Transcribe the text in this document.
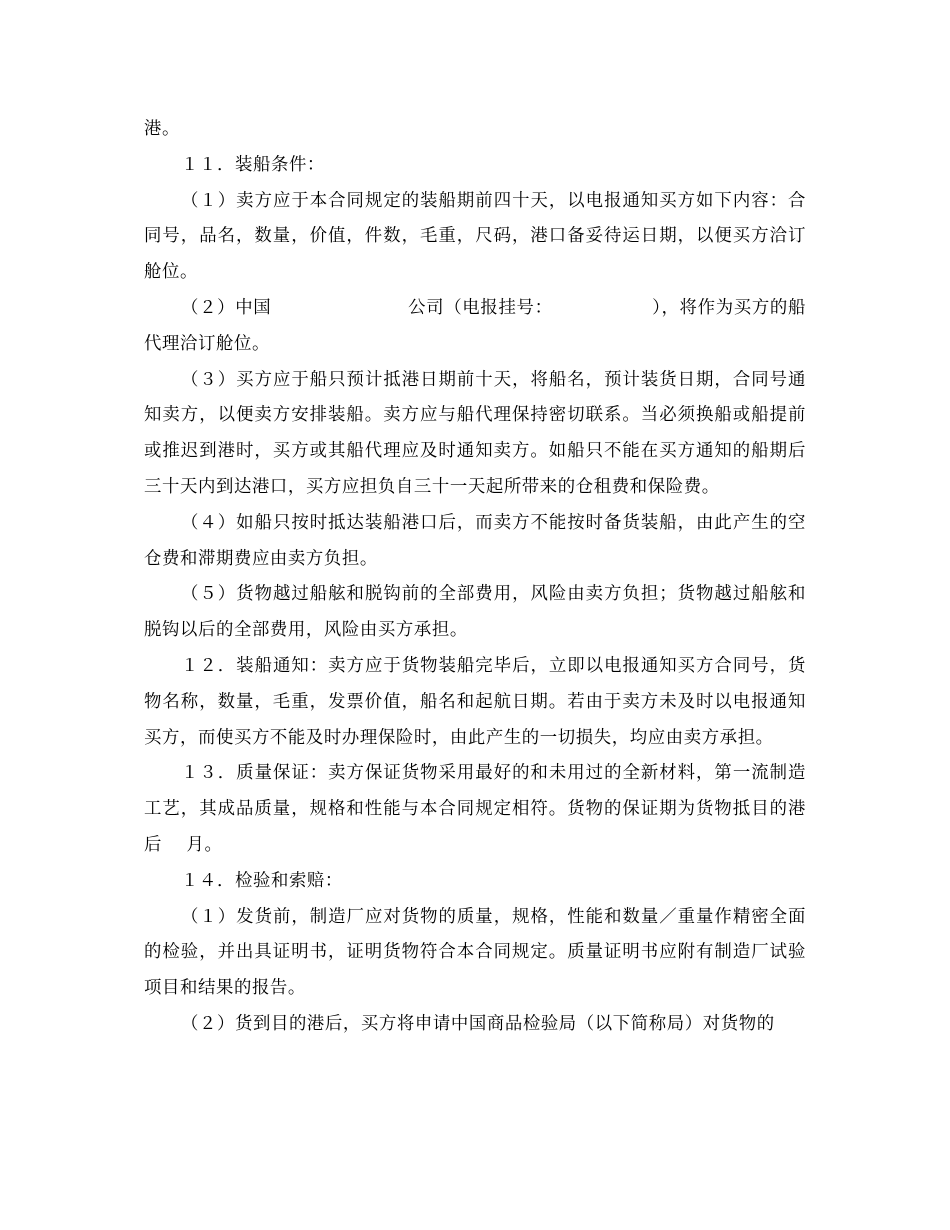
港。

１１．装船条件：

（１）卖方应于本合同规定的装船期前四十天，以电报通知买方如下内容：合同号，品名，数量，价值，件数，毛重，尺码，港口备妥待运日期，以便买方洽订舱位。

（２）中国                      公司（电报挂号：                ），将作为买方的船代理洽订舱位。

（３）买方应于船只预计抵港日期前十天，将船名，预计装货日期，合同号通知卖方，以便卖方安排装船。卖方应与船代理保持密切联系。当必须换船或船提前或推迟到港时，买方或其船代理应及时通知卖方。如船只不能在买方通知的船期后三十天内到达港口，买方应担负自三十一天起所带来的仓租费和保险费。

（４）如船只按时抵达装船港口后，而卖方不能按时备货装船，由此产生的空仓费和滞期费应由卖方负担。

（５）货物越过船舷和脱钩前的全部费用，风险由卖方负担；货物越过船舷和脱钩以后的全部费用，风险由买方承担。

１２．装船通知：卖方应于货物装船完毕后，立即以电报通知买方合同号，货物名称，数量，毛重，发票价值，船名和起航日期。若由于卖方未及时以电报通知买方，而使买方不能及时办理保险时，由此产生的一切损失，均应由卖方承担。

１３．质量保证：卖方保证货物采用最好的和未用过的全新材料，第一流制造工艺，其成品质量，规格和性能与本合同规定相符。货物的保证期为货物抵目的港后    月。

１４．检验和索赔：

（１）发货前，制造厂应对货物的质量，规格，性能和数量／重量作精密全面的检验，并出具证明书，证明货物符合本合同规定。质量证明书应附有制造厂试验项目和结果的报告。

（２）货到目的港后，买方将申请中国商品检验局（以下简称局）对货物的
